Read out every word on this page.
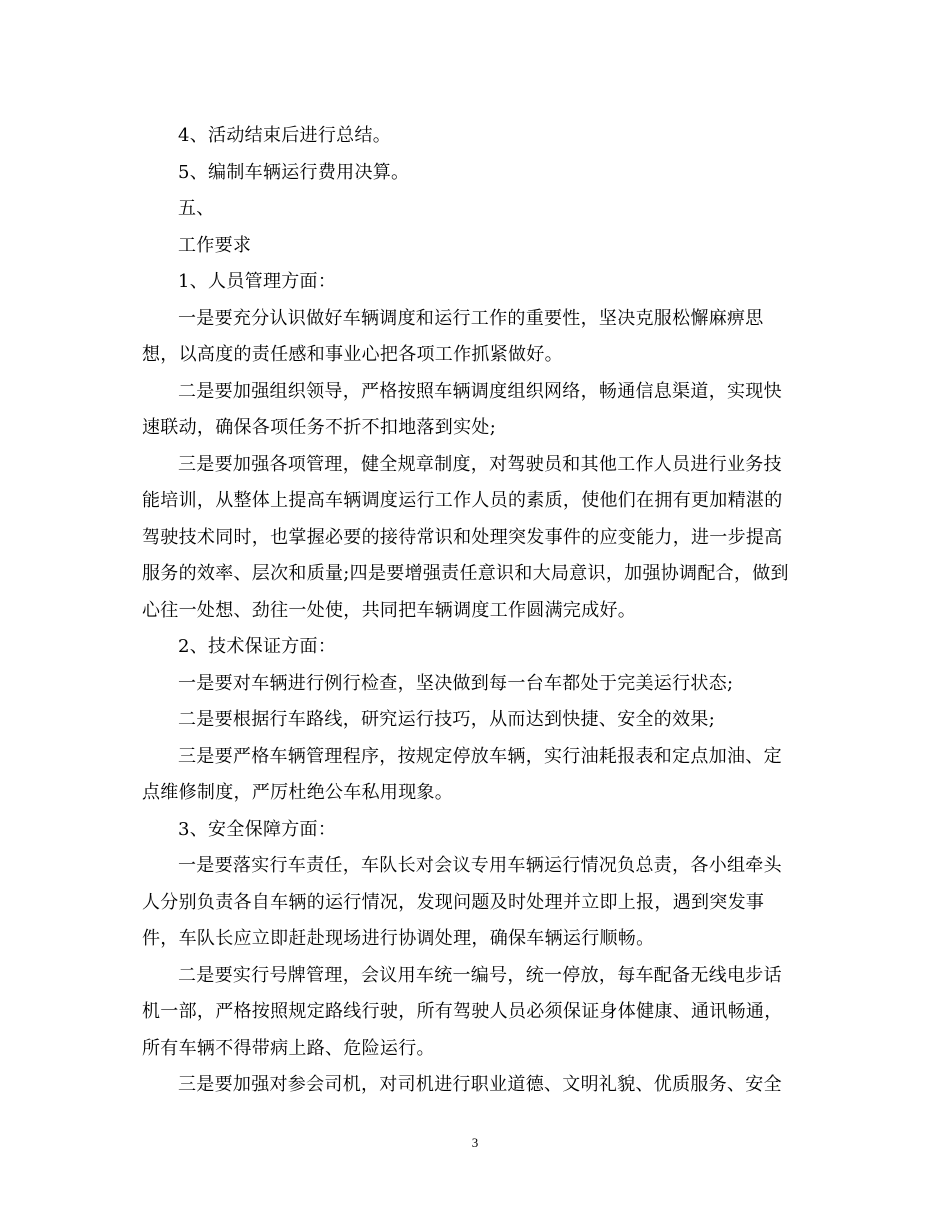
4、活动结束后进行总结。
5、编制车辆运行费用决算。
五、
工作要求
1、人员管理方面：
一是要充分认识做好车辆调度和运行工作的重要性，坚决克服松懈麻痹思
想，以高度的责任感和事业心把各项工作抓紧做好。
二是要加强组织领导，严格按照车辆调度组织网络，畅通信息渠道，实现快
速联动，确保各项任务不折不扣地落到实处;
三是要加强各项管理，健全规章制度，对驾驶员和其他工作人员进行业务技
能培训，从整体上提高车辆调度运行工作人员的素质，使他们在拥有更加精湛的
驾驶技术同时，也掌握必要的接待常识和处理突发事件的应变能力，进一步提高
服务的效率、层次和质量;四是要增强责任意识和大局意识，加强协调配合，做到
心往一处想、劲往一处使，共同把车辆调度工作圆满完成好。
2、技术保证方面：
一是要对车辆进行例行检查，坚决做到每一台车都处于完美运行状态;
二是要根据行车路线，研究运行技巧，从而达到快捷、安全的效果;
三是要严格车辆管理程序，按规定停放车辆，实行油耗报表和定点加油、定
点维修制度，严厉杜绝公车私用现象。
3、安全保障方面：
一是要落实行车责任，车队长对会议专用车辆运行情况负总责，各小组牵头
人分别负责各自车辆的运行情况，发现问题及时处理并立即上报，遇到突发事
件，车队长应立即赶赴现场进行协调处理，确保车辆运行顺畅。
二是要实行号牌管理，会议用车统一编号，统一停放，每车配备无线电步话
机一部，严格按照规定路线行驶，所有驾驶人员必须保证身体健康、通讯畅通，
所有车辆不得带病上路、危险运行。
三是要加强对参会司机，对司机进行职业道德、文明礼貌、优质服务、安全
3
